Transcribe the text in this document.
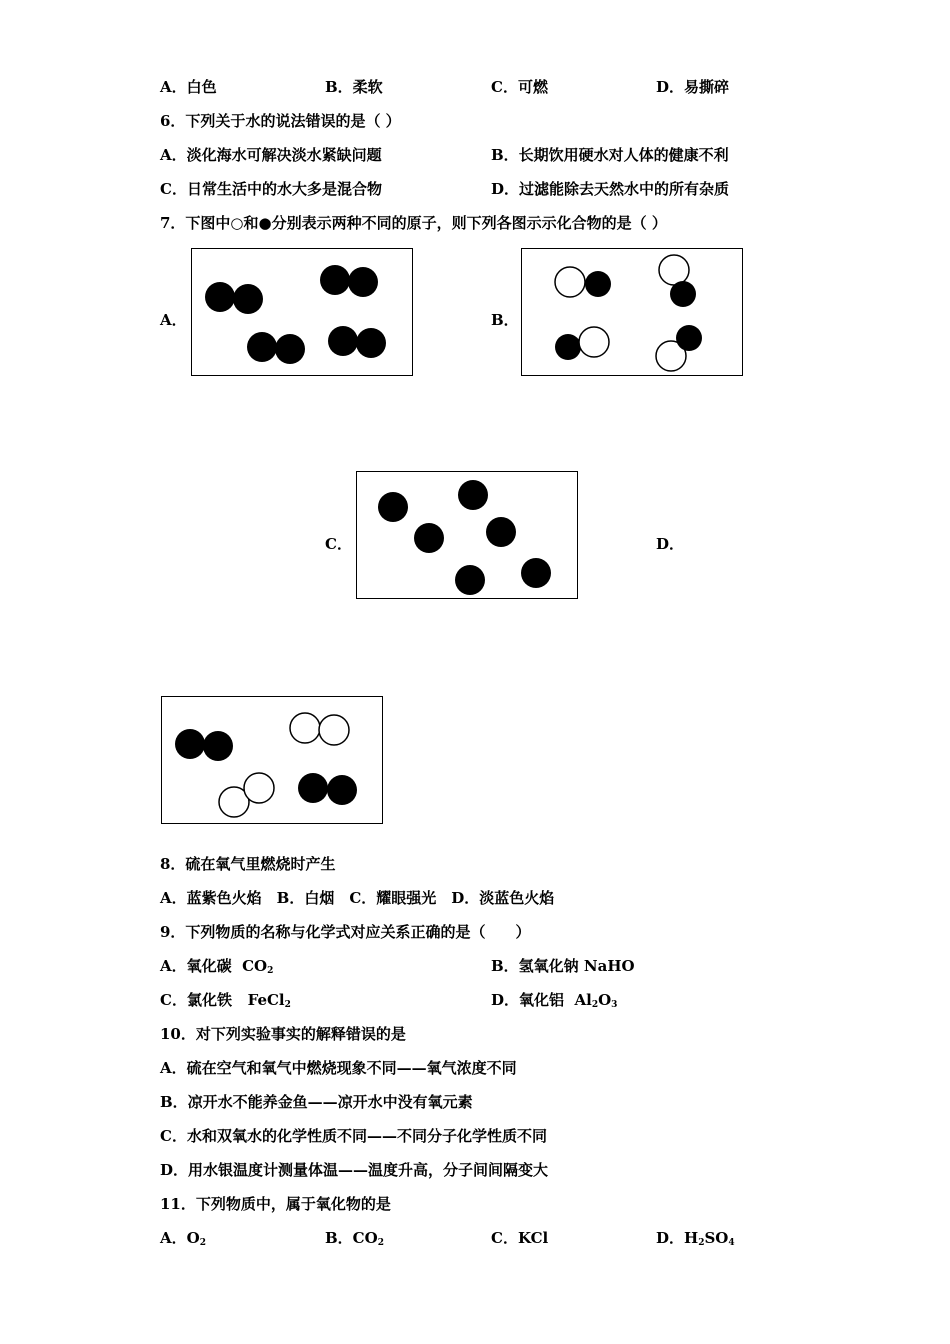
A．白色	B．柔软	C．可燃	D．易撕碎
6．下列关于水的说法错误的是（ ）
A．淡化海水可解决淡水紧缺问题	B．长期饮用硬水对人体的健康不利
C．日常生活中的水大多是混合物	D．过滤能除去天然水中的所有杂质
7．下图中○和●分别表示两种不同的原子，则下列各图示示化合物的是（ ）
A．	B．
C．	D．
8．硫在氧气里燃烧时产生
A．蓝紫色火焰　B．白烟　C．耀眼强光　D．淡蓝色火焰
9．下列物质的名称与化学式对应关系正确的是（　　）
A．氧化碳 $CO_2$	B．氢氧化钠 NaHO
C．氯化铁 FeCl$_2$	D．氧化铝 $Al_2O_3$
10．对下列实验事实的解释错误的是
A．硫在空气和氧气中燃烧现象不同——氧气浓度不同
B．凉开水不能养金鱼——凉开水中没有氧元素
C．水和双氧水的化学性质不同——不同分子化学性质不同
D．用水银温度计测量体温——温度升高，分子间间隔变大
11．下列物质中，属于氧化物的是
A．$O_2$	B．$CO_2$	C．KCl	D．$H_2SO_4$
